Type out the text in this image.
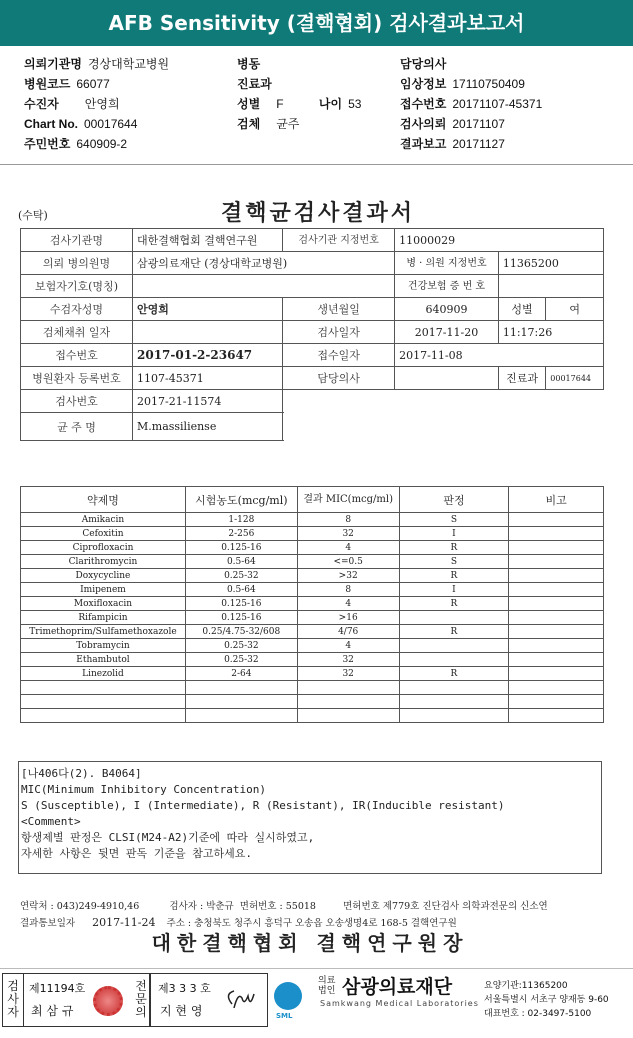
AFB Sensitivity (결핵협회) 검사결과보고서
의뢰기관명 경상대학교병원
병원코드 66077
수진자 안영희
Chart No. 00017644
주민번호 640909-2
병동
진료과
성별 F	나이 53
검체 균주
담당의사
임상정보 17110750409
접수번호 20171107-45371
검사의뢰 20171107
결과보고 20171127
결핵균검사결과서
(수탁)
검사기관명	대한결핵협회 결핵연구원	검사기관 지정번호	11000029		
의뢰 병의원명	삼광의료재단 (경상대학교병원)		병 · 의원 지정번호	11365200	
보험자기호(명칭)			건강보험 증 번 호		
수검자성명	안영희	생년월일	640909	성별	여
검체채취 일자		검사일자	2017-11-20	11:17:26	
접수번호	2017-01-2-23647	접수일자	2017-11-08		
병원환자 등록번호	1107-45371	담당의사		진료과	00017644
검사번호	2017-21-11574				
균 주 명	M.massiliense				
약제명	시험농도(mcg/ml)	결과 MIC(mcg/ml)	판정	비고
Amikacin	1-128	8	S	
Cefoxitin	2-256	32	I	
Ciprofloxacin	0.125-16	4	R	
Clarithromycin	0.5-64	<=0.5	S	
Doxycycline	0.25-32	>32	R	
Imipenem	0.5-64	8	I	
Moxifloxacin	0.125-16	4	R	
Rifampicin	0.125-16	>16		
Trimethoprim/Sulfamethoxazole	0.25/4.75-32/608	4/76	R	
Tobramycin	0.25-32	4		
Ethambutol	0.25-32	32		
Linezolid	2-64	32	R	

[나406다(2). B4064]
MIC(Minimum Inhibitory Concentration)
S (Susceptible), I (Intermediate), R (Resistant), IR(Inducible resistant)
<Comment>
항생제별 판정은 CLSI(M24-A2)기준에 따라 실시하였고,
자세한 사항은 뒷면 판독 기준을 참고하세요.
연락처 : 043)249-4910,46          검사자 : 박춘규  면허번호 : 55018         면허번호 제779호 진단검사 의학과전문의 신소연
결과통보일자 2017-11-24 주소 : 충청북도 청주시 흥덕구 오송읍 오송생명4로 168-5 결핵연구원
대한결핵협회 결핵연구원장
검사자
제11194호
최 삼 규
전문의
제3 3 3 호
지 현 영	SML
의료법인 삼광의료재단
Samkwang Medical Laboratories
요양기관:11365200
서울특별시 서초구 양재동 9-60
대표번호 : 02-3497-5100
